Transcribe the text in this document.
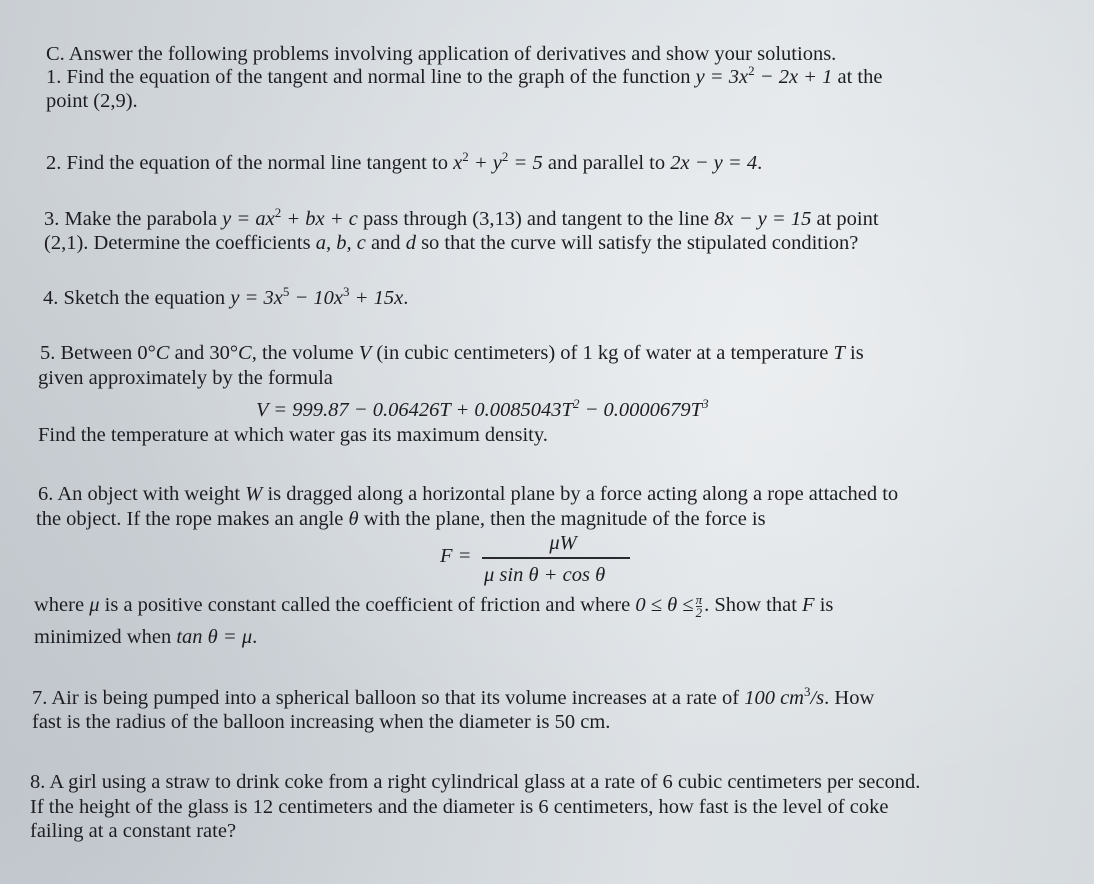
C. Answer the following problems involving application of derivatives and show your solutions.
1. Find the equation of the tangent and normal line to the graph of the function $y = 3x^2 - 2x + 1$ at the
point (2,9).
2. Find the equation of the normal line tangent to $x^2 + y^2 = 5$ and parallel to 2x − y = 4.
3. Make the parabola $y = ax^2$ + bx + c pass through (3,13) and tangent to the line 8x − y = 15 at point
(2,1). Determine the coefficients a, b, c and d so that the curve will satisfy the stipulated condition?
4. Sketch the equation $y = 3x^5 - 10x^3 + 15x$.
5. Between 0°C and 30°C, the volume V (in cubic centimeters) of 1 kg of water at a temperature T is
given approximately by the formula
$V = 999.87 - 0.06426T + 0.0085043T^2 - 0.0000679T^3$
Find the temperature at which water gas its maximum density.
6. An object with weight W is dragged along a horizontal plane by a force acting along a rope attached to
the object. If the rope makes an angle θ with the plane, then the magnitude of the force is
F =
μW
μ sin θ + cos θ
where μ is a positive constant called the coefficient of friction and where $0 \le \theta \le \frac{\pi}{2}$ . Show that F is
minimized when tan θ = μ.
7. Air is being pumped into a spherical balloon so that its volume increases at a rate of 100 $cm^3/s$. How
fast is the radius of the balloon increasing when the diameter is 50 cm.
8. A girl using a straw to drink coke from a right cylindrical glass at a rate of 6 cubic centimeters per second.
If the height of the glass is 12 centimeters and the diameter is 6 centimeters, how fast is the level of coke
failing at a constant rate?
